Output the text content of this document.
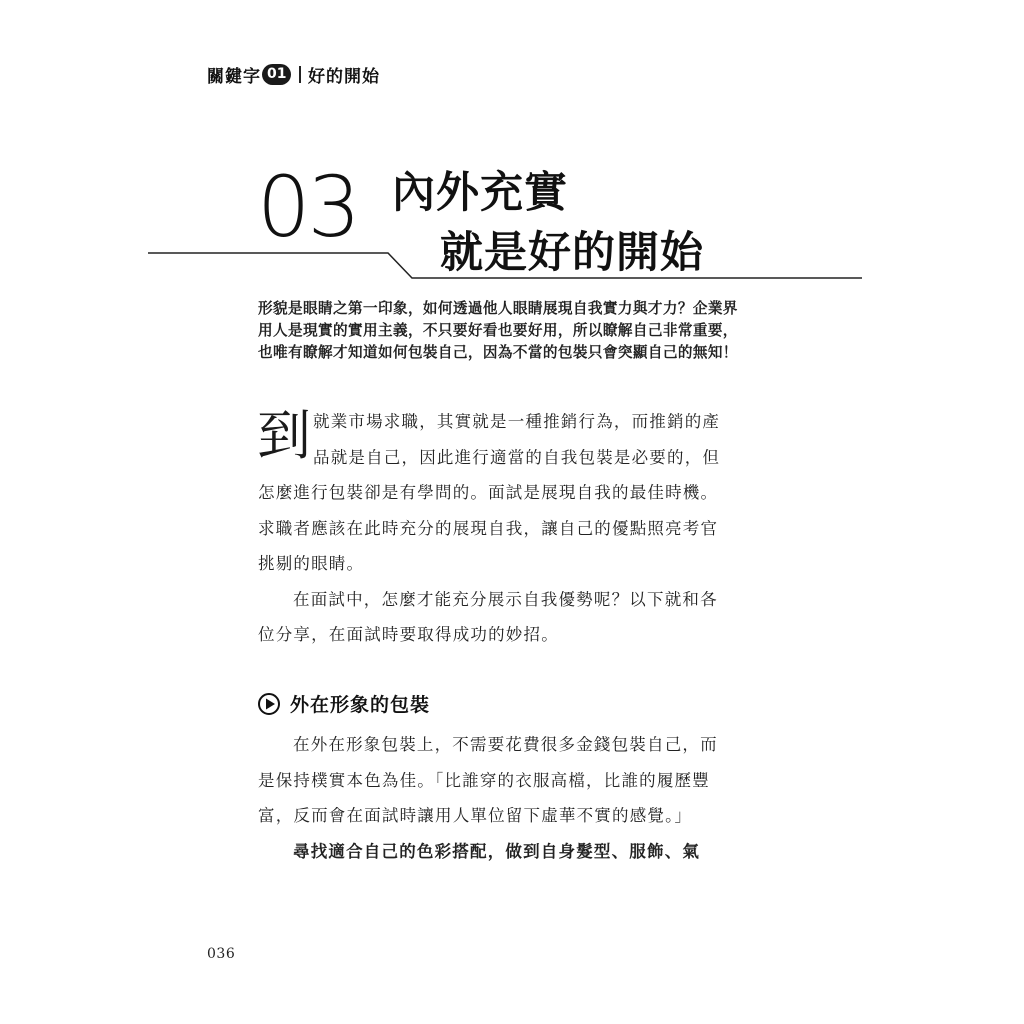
關鍵字 01 好的開始
03 內外充實
就是好的開始

形貌是眼睛之第一印象，如何透過他人眼睛展現自我實力與才力？企業界

用人是現實的實用主義，不只要好看也要好用，所以瞭解自己非常重要，

也唯有瞭解才知道如何包裝自己，因為不當的包裝只會突顯自己的無知！

到 就業市場求職，其實就是一種推銷行為，而推銷的產

品就是自己，因此進行適當的自我包裝是必要的，但

怎麼進行包裝卻是有學問的。面試是展現自我的最佳時機。

求職者應該在此時充分的展現自我，讓自己的優點照亮考官

挑剔的眼睛。

在面試中，怎麼才能充分展示自我優勢呢？以下就和各

位分享，在面試時要取得成功的妙招。

外在形象的包裝

在外在形象包裝上，不需要花費很多金錢包裝自己，而

是保持樸實本色為佳。「比誰穿的衣服高檔，比誰的履歷豐

富，反而會在面試時讓用人單位留下虛華不實的感覺。」

尋找適合自己的色彩搭配，做到自身髮型、服飾、氣

036
